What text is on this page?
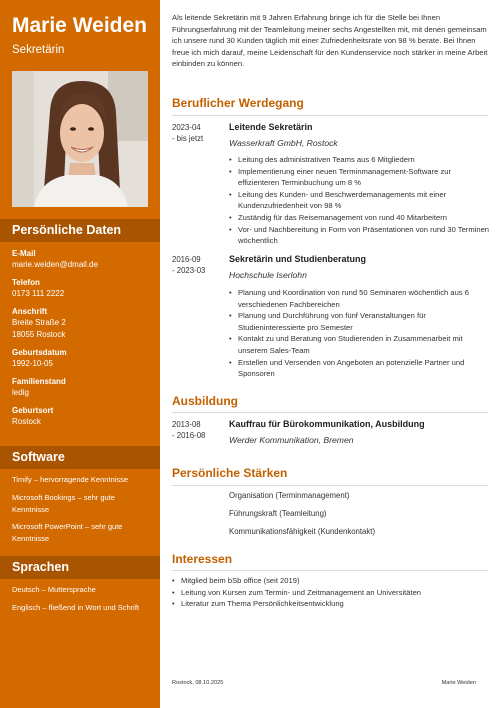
Marie Weiden
Sekretärin
Persönliche Daten
E-Mail
marie.weiden@dmail.de
Telefon
0173 111 2222
Anschrift
Breite Straße 2
18055 Rostock
Geburtsdatum
1992-10-05
Familienstand
ledig
Geburtsort
Rostock
Software
Timify – hervorragende Kenntnisse
Microsoft Bookings – sehr gute Kenntnisse
Microsoft PowerPoint – sehr gute Kenntnisse
Sprachen
Deutsch – Muttersprache
Englisch – fließend in Wort und Schrift

Als leitende Sekretärin mit 9 Jahren Erfahrung bringe ich für die Stelle bei Ihnen Führungserfahrung mit der Teamleitung meiner sechs Angestellten mit, mit denen gemeinsam ich unsere rund 30 Kunden täglich mit einer Zufriedenheitsrate von 98 % berate. Bei Ihnen freue ich mich darauf, meine Leidenschaft für den Kundenservice noch stärker in meine Arbeit einbinden zu können.

Beruflicher Werdegang
2023-04
- bis jetzt
Leitende Sekretärin
Wasserkraft GmbH, Rostock
• Leitung des administrativen Teams aus 6 Mitgliedern
• Implementierung einer neuen Terminmanagement-Software zur effizienteren Terminbuchung um 8 %
• Leitung des Kunden- und Beschwerdemanagements mit einer Kundenzufriedenheit von 98 %
• Zuständig für das Reisemanagement von rund 40 Mitarbeitern
• Vor- und Nachbereitung in Form von Präsentationen von rund 30 Terminen wöchentlich
2016-09
- 2023-03
Sekretärin und Studienberatung
Hochschule Iserlohn
• Planung und Koordination von rund 50 Seminaren wöchentlich aus 6 verschiedenen Fachbereichen
• Planung und Durchführung von fünf Veranstaltungen für Studieninteressierte pro Semester
• Kontakt zu und Beratung von Studierenden in Zusammenarbeit mit unserem Sales-Team
• Erstellen und Versenden von Angeboten an potenzielle Partner und Sponsoren
Ausbildung
2013-08
- 2016-08
Kauffrau für Bürokommunikation, Ausbildung
Werder Kommunikation, Bremen
Persönliche Stärken
Organisation (Terminmanagement)
Führungskraft (Teamleitung)
Kommunikationsfähigkeit (Kundenkontakt)
Interessen
• Mitglied beim bSb office (seit 2019)
• Leitung von Kursen zum Termin- und Zeitmanagement an Universitäten
• Literatur zum Thema Persönlichkeitsentwicklung
Rostock, 08.10.2025	Marie Weiden
